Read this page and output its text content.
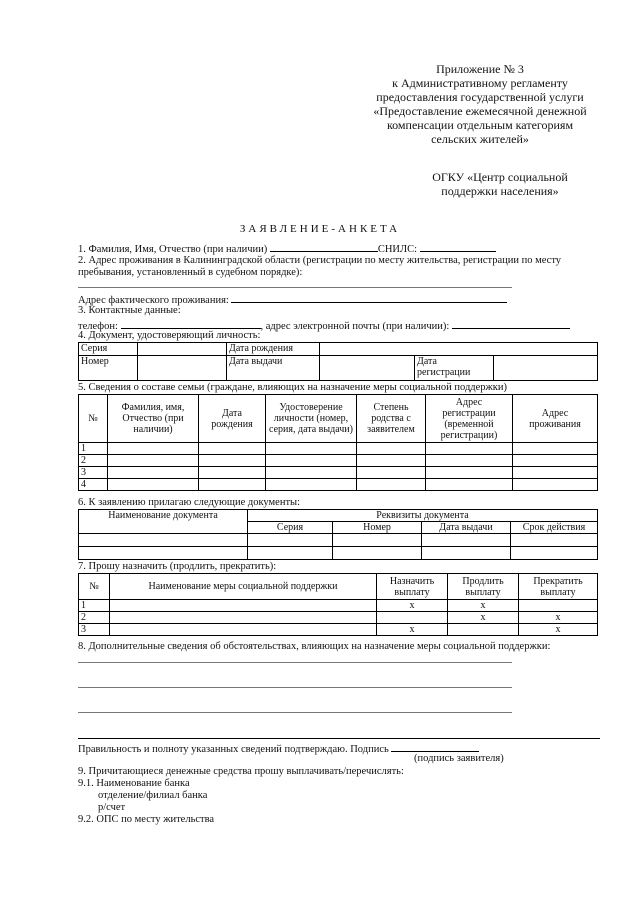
Приложение № 3
к Административному регламенту
предоставления государственной услуги
«Предоставление ежемесячной денежной
компенсации отдельным категориям
сельских жителей»
ОГКУ «Центр социальной
поддержки населения»
ЗАЯВЛЕНИЕ-АНКЕТА
1. Фамилия, Имя, Отчество (при наличии)	СНИЛС:
2. Адрес проживания в Калининградской области (регистрации по месту жительства, регистрации по месту
пребывания, установленный в судебном порядке):
Адрес фактического проживания:
3. Контактные данные:
телефон:	, адрес электронной почты (при наличии):
4. Документ, удостоверяющий личность:
Серия		Дата рождения			
Номер		Дата выдачи		Дата регистрации	
5. Сведения о составе семьи (граждане, влияющих на назначение меры социальной поддержки)
№	Фамилия, имя, Отчество (при наличии)	Дата рождения	Удостоверение личности (номер, серия, дата выдачи)	Степень родства с заявителем	Адрес регистрации (временной регистрации)	Адрес проживания
1						
2						
3						
4						
6. К заявлению прилагаю следующие документы:
Наименование документа	Реквизиты документа			
	Серия	Номер	Дата выдачи	Срок действия

7. Прошу назначить (продлить, прекратить):
№	Наименование меры социальной поддержки	Назначить выплату	Продлить выплату	Прекратить выплату
1		х	х	
2			х	х
3		х		х
8. Дополнительные сведения об обстоятельствах, влияющих на назначение меры социальной поддержки:
Правильность и полноту указанных сведений подтверждаю. Подпись
(подпись заявителя)
9. Причитающиеся денежные средства прошу выплачивать/перечислять:
9.1. Наименование банка
отделение/филиал банка
р/счет
9.2. ОПС по месту жительства
